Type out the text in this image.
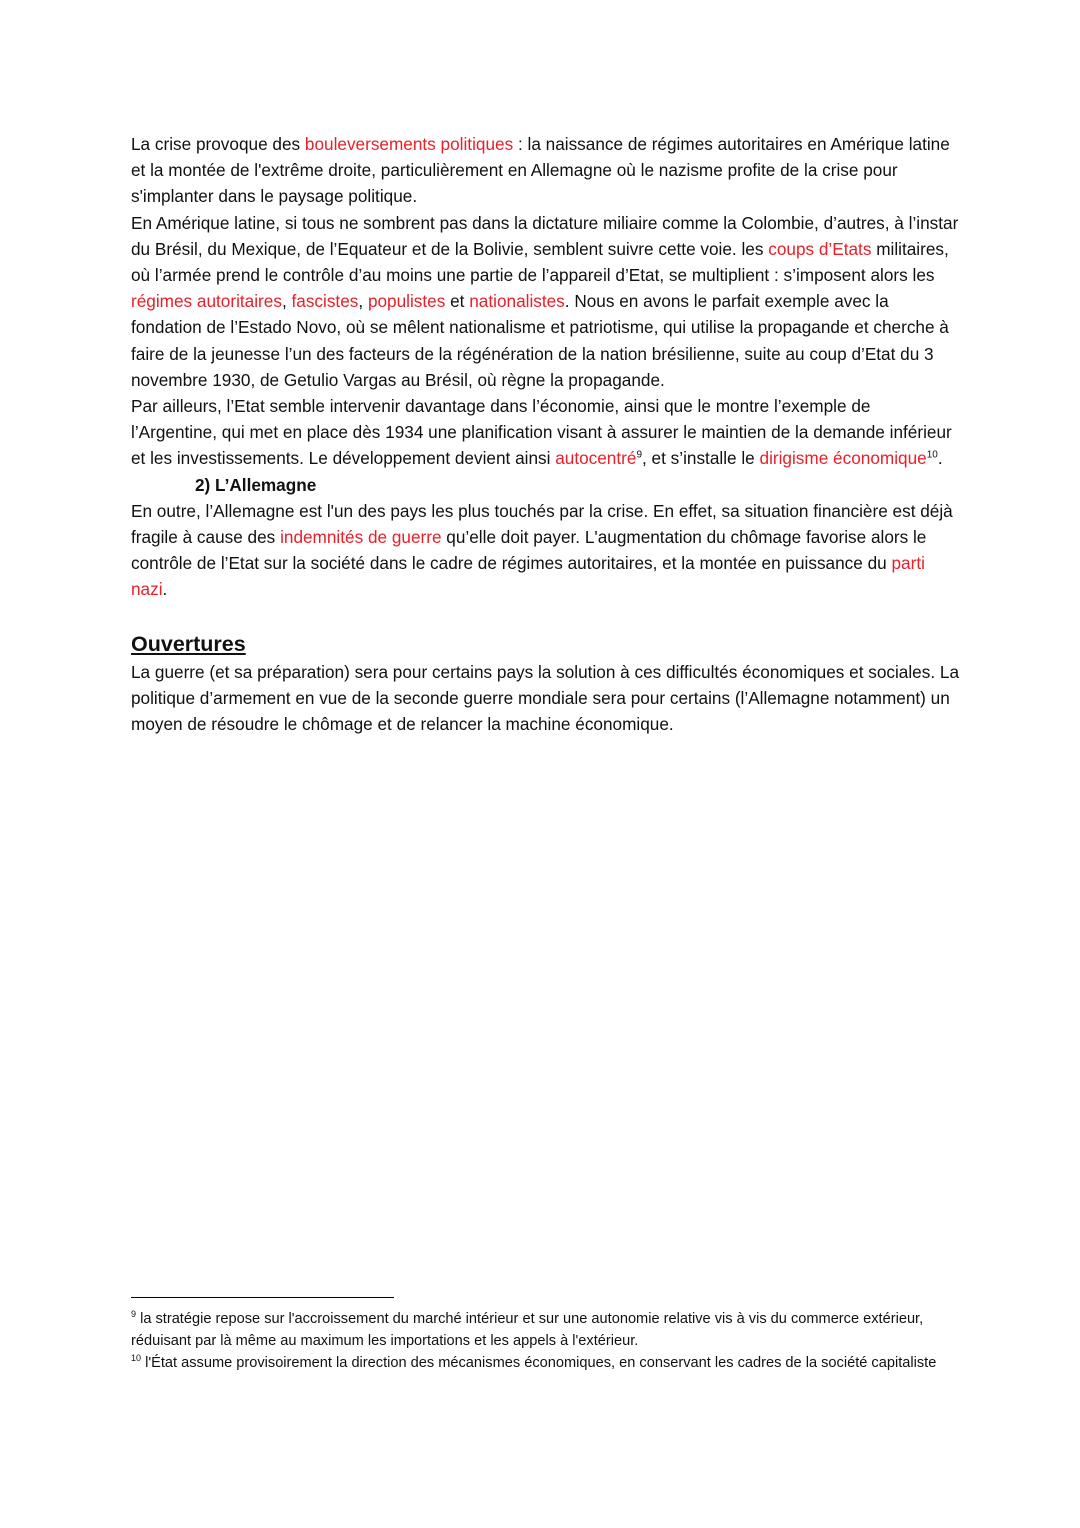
La crise provoque des bouleversements politiques : la naissance de régimes autoritaires en Amérique latine et la montée de l'extrême droite, particulièrement en Allemagne où le nazisme profite de la crise pour s'implanter dans le paysage politique.

En Amérique latine, si tous ne sombrent pas dans la dictature miliaire comme la Colombie, d’autres, à l’instar du Brésil, du Mexique, de l’Equateur et de la Bolivie, semblent suivre cette voie. les coups d’Etats militaires, où l’armée prend le contrôle d’au moins une partie de l’appareil d’Etat, se multiplient : s’imposent alors les régimes autoritaires, fascistes, populistes et nationalistes. Nous en avons le parfait exemple avec la fondation de l’Estado Novo, où se mêlent nationalisme et patriotisme, qui utilise la propagande et cherche à faire de la jeunesse l’un des facteurs de la régénération de la nation brésilienne, suite au coup d’Etat du 3 novembre 1930, de Getulio Vargas au Brésil, où règne la propagande.

Par ailleurs, l’Etat semble intervenir davantage dans l’économie, ainsi que le montre l’exemple de l’Argentine, qui met en place dès 1934 une planification visant à assurer le maintien de la demande inférieur et les investissements. Le développement devient ainsi autocentré$^9$, et s’installe le dirigisme économique$^{10}$.

2) L’Allemagne

En outre, l’Allemagne est l'un des pays les plus touchés par la crise. En effet, sa situation financière est déjà fragile à cause des indemnités de guerre qu’elle doit payer. L'augmentation du chômage favorise alors le contrôle de l’Etat sur la société dans le cadre de régimes autoritaires, et la montée en puissance du parti nazi.

Ouvertures

La guerre (et sa préparation) sera pour certains pays la solution à ces difficultés économiques et sociales. La politique d’armement en vue de la seconde guerre mondiale sera pour certains (l’Allemagne notamment) un moyen de résoudre le chômage et de relancer la machine économique.

$^9$ la stratégie repose sur l'accroissement du marché intérieur et sur une autonomie relative vis à vis du commerce extérieur, réduisant par là même au maximum les importations et les appels à l'extérieur.

$^{10}$ l'État assume provisoirement la direction des mécanismes économiques, en conservant les cadres de la société capitaliste
